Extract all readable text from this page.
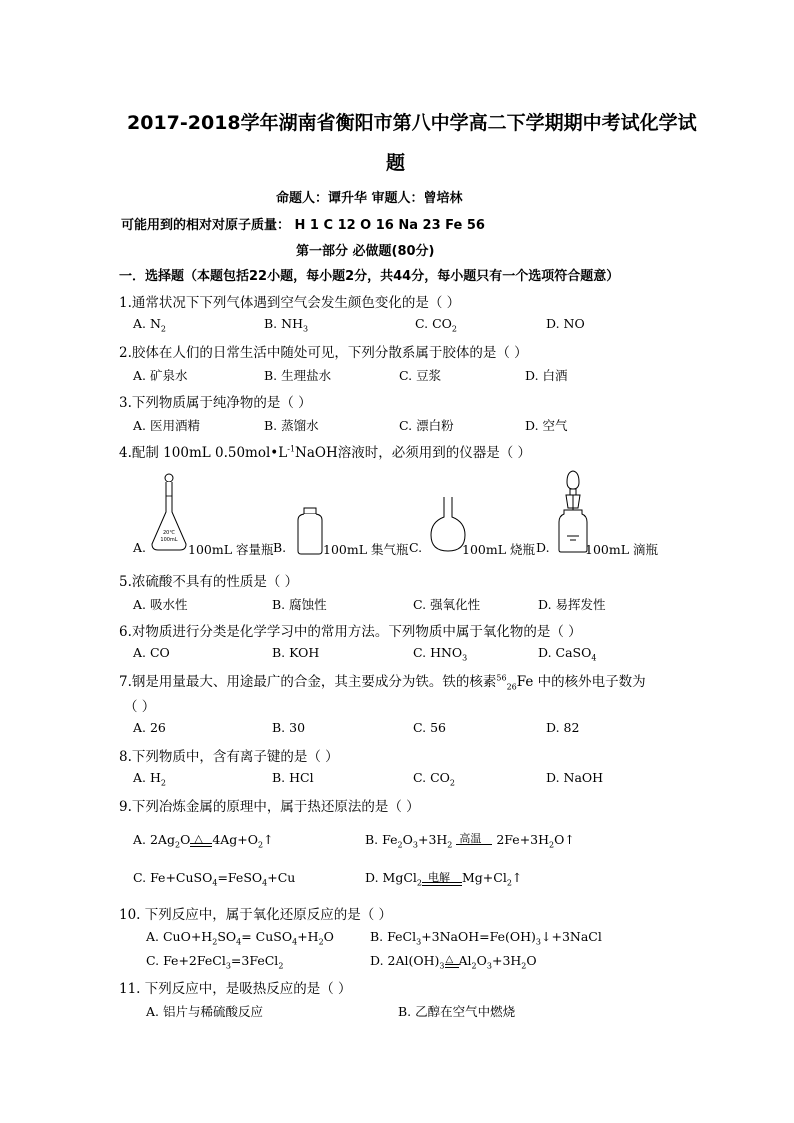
2017-2018学年湖南省衡阳市第八中学高二下学期期中考试化学试
题
命题人：谭升华 审题人：曾培林
可能用到的相对对原子质量： H 1 C 12 O 16 Na 23 Fe 56
第一部分 必做题(80分)
一．选择题（本题包括22小题，每小题2分，共44分，每小题只有一个选项符合题意）
1.通常状况下下列气体遇到空气会发生颜色变化的是（ ）
A. $N_2$	B. $NH_3$	C. $CO_2$	D. NO
2.胶体在人们的日常生活中随处可见，下列分散系属于胶体的是（ ）
A. 矿泉水	B. 生理盐水	C. 豆浆	D. 白酒
3.下列物质属于纯净物的是（ ）
A. 医用酒精	B. 蒸馏水	C. 漂白粉	D. 空气
4.配制 100mL $0.50mol•L^{-1}NaOH$溶液时，必须用到的仪器是（ ）
A.
20℃
100mL
100mL 容量瓶 B.	100mL 集气瓶 C.	100mL 烧瓶 D.	100mL 滴瓶
5.浓硫酸不具有的性质是（ ）
A. 吸水性	B. 腐蚀性	C. 强氧化性	D. 易挥发性
6.对物质进行分类是化学学习中的常用方法。下列物质中属于氧化物的是（ ）
A. CO	B. KOH	C. $HNO_3$	D. CaSO$_4$
7.钢是用量最大、用途最广的合金，其主要成分为铁。铁的核素$^{56}_{26}$Fe 中的核外电子数为
（ ）
A. 26	B. 30	C. 56	D. 82
8.下列物质中，含有离子键的是（ ）
A. $H_2$	B. HCl	C. $CO_2$	D. NaOH
9.下列冶炼金属的原理中，属于热还原法的是（ ）
A. $2Ag_2O$ △ $4Ag+O_2↑$	B. $Fe_2O_3+3H_2$ 高温 $2Fe+3H_2O↑$
C. Fe+CuSO$_4$=FeSO$_4$+Cu	D. MgCl$_2$ 电解 $Mg+Cl_2↑$
10. 下列反应中，属于氧化还原反应的是（ ）
A. $CuO+H_2SO_4=$ $CuSO_4+H_2O$	B. $FeCl_3+3NaOH=Fe(OH)_3↓+3NaCl$
C. Fe+2FeCl$_3$=3FeCl$_2$	D. $2Al(OH)_3$
△ $Al_2O_3+3H_2O$
11. 下列反应中，是吸热反应的是（ ）
A. 铝片与稀硫酸反应	B. 乙醇在空气中燃烧
